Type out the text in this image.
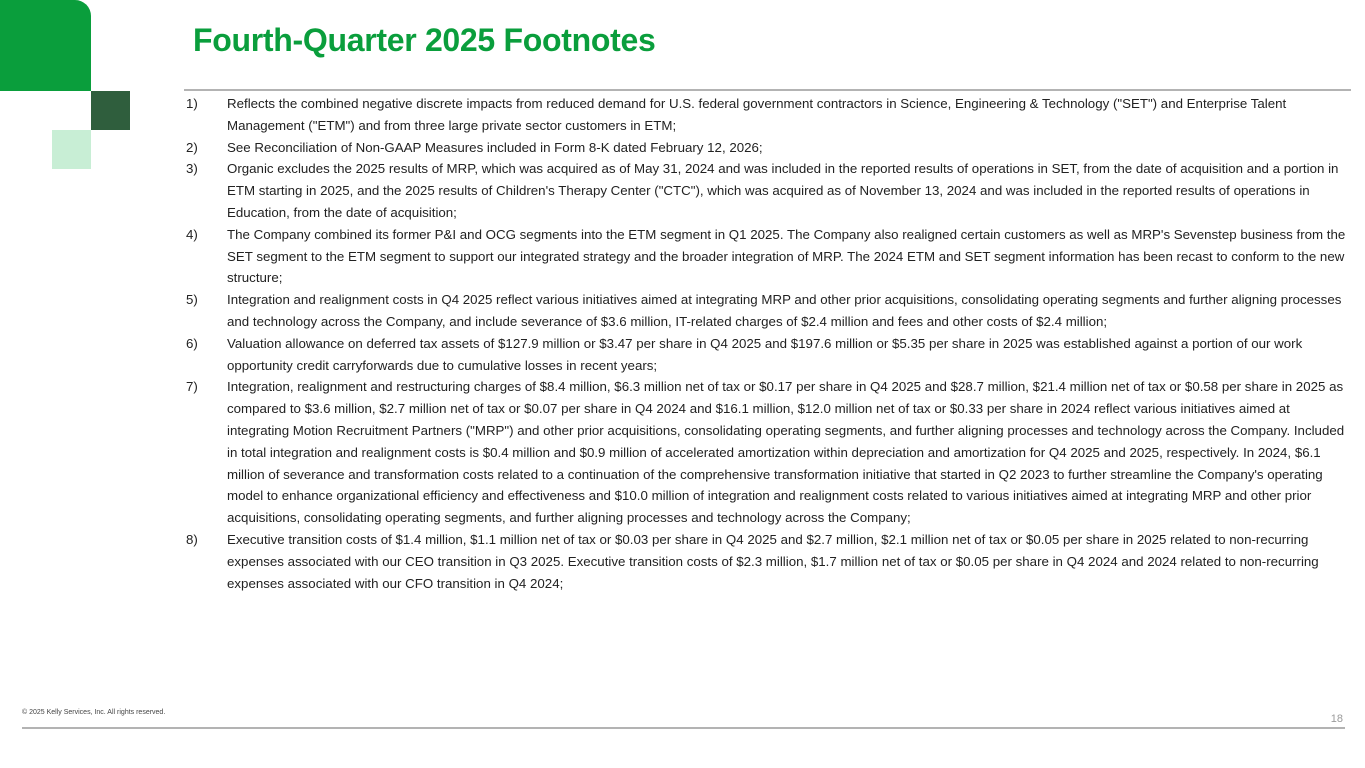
Fourth-Quarter 2025 Footnotes
1)	Reflects the combined negative discrete impacts from reduced demand for U.S. federal government contractors in Science, Engineering & Technology ("SET") and Enterprise Talent Management ("ETM") and from three large private sector customers in ETM;
2)	See Reconciliation of Non-GAAP Measures included in Form 8-K dated February 12, 2026;
3)	Organic excludes the 2025 results of MRP, which was acquired as of May 31, 2024 and was included in the reported results of operations in SET, from the date of acquisition and a portion in ETM starting in 2025, and the 2025 results of Children's Therapy Center ("CTC"), which was acquired as of November 13, 2024 and was included in the reported results of operations in Education, from the date of acquisition;
4)	The Company combined its former P&I and OCG segments into the ETM segment in Q1 2025. The Company also realigned certain customers as well as MRP's Sevenstep business from the SET segment to the ETM segment to support our integrated strategy and the broader integration of MRP. The 2024 ETM and SET segment information has been recast to conform to the new structure;
5)	Integration and realignment costs in Q4 2025 reflect various initiatives aimed at integrating MRP and other prior acquisitions, consolidating operating segments and further aligning processes and technology across the Company, and include severance of $3.6 million, IT-related charges of $2.4 million and fees and other costs of $2.4 million;
6)	Valuation allowance on deferred tax assets of $127.9 million or $3.47 per share in Q4 2025 and $197.6 million or $5.35 per share in 2025 was established against a portion of our work opportunity credit carryforwards due to cumulative losses in recent years;
7)	Integration, realignment and restructuring charges of $8.4 million, $6.3 million net of tax or $0.17 per share in Q4 2025 and $28.7 million, $21.4 million net of tax or $0.58 per share in 2025 as compared to $3.6 million, $2.7 million net of tax or $0.07 per share in Q4 2024 and $16.1 million, $12.0 million net of tax or $0.33 per share in 2024 reflect various initiatives aimed at integrating Motion Recruitment Partners ("MRP") and other prior acquisitions, consolidating operating segments, and further aligning processes and technology across the Company. Included in total integration and realignment costs is $0.4 million and $0.9 million of accelerated amortization within depreciation and amortization for Q4 2025 and 2025, respectively. In 2024, $6.1 million of severance and transformation costs related to a continuation of the comprehensive transformation initiative that started in Q2 2023 to further streamline the Company's operating model to enhance organizational efficiency and effectiveness and $10.0 million of integration and realignment costs related to various initiatives aimed at integrating MRP and other prior acquisitions, consolidating operating segments, and further aligning processes and technology across the Company;
8)	Executive transition costs of $1.4 million, $1.1 million net of tax or $0.03 per share in Q4 2025 and $2.7 million, $2.1 million net of tax or $0.05 per share in 2025 related to non-recurring expenses associated with our CEO transition in Q3 2025. Executive transition costs of $2.3 million, $1.7 million net of tax or $0.05 per share in Q4 2024 and 2024 related to non-recurring expenses associated with our CFO transition in Q4 2024;
© 2025 Kelly Services, Inc. All rights reserved.
18
